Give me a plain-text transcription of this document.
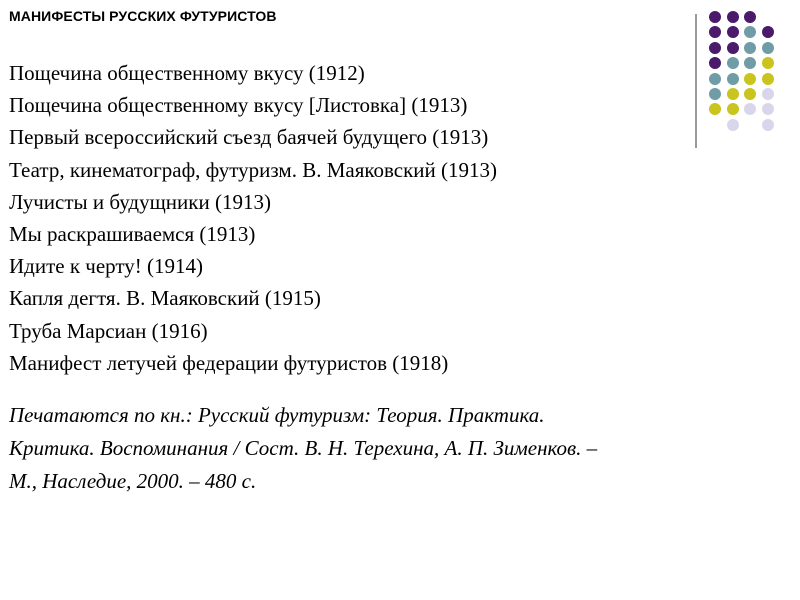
МАНИФЕСТЫ РУССКИХ ФУТУРИСТОВ
Пощечина общественному вкусу (1912)
Пощечина общественному вкусу [Листовка] (1913)
Первый всероссийский съезд баячей будущего (1913)
Театр, кинематограф, футуризм. В. Маяковский (1913)
Лучисты и будущники (1913)
Мы раскрашиваемся (1913)
Идите к черту! (1914)
Капля дегтя. В. Маяковский (1915)
Труба Марсиан (1916)
Манифест летучей федерации футуристов (1918)

Печатаются по кн.: Русский футуризм: Теория. Практика.
Критика. Воспоминания / Сост. В. Н. Терехина, А. П. Зименков. –
М., Наследие, 2000. – 480 с.
